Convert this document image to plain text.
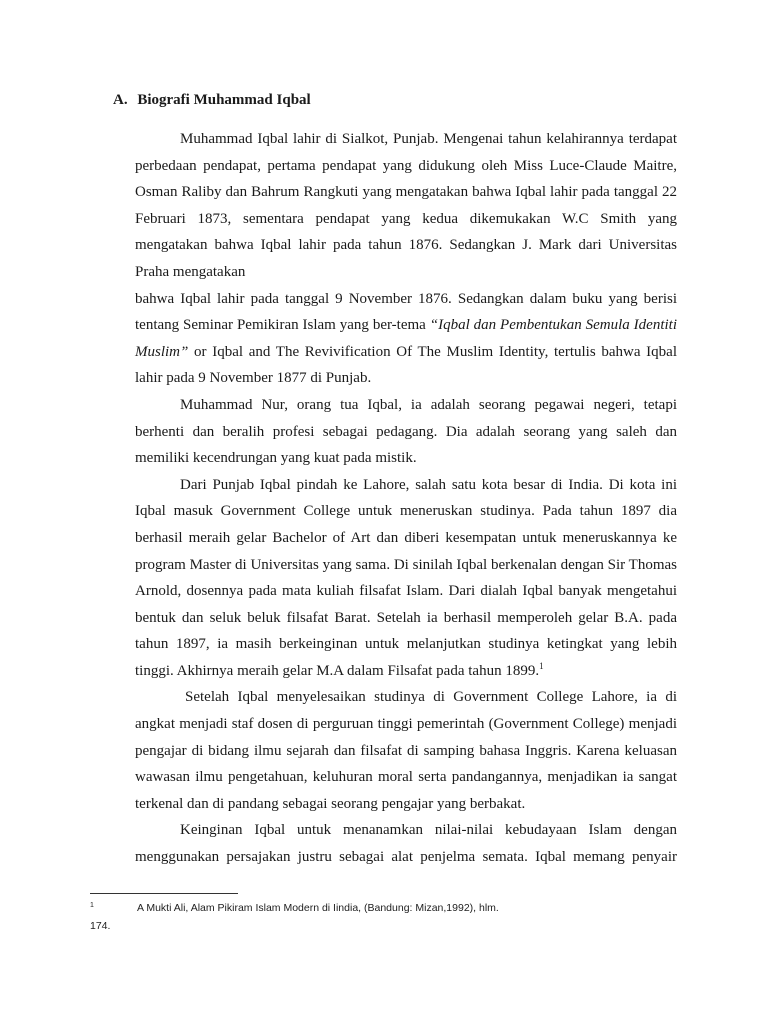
A. Biografi Muhammad Iqbal

Muhammad Iqbal lahir di Sialkot, Punjab. Mengenai tahun kelahirannya terdapat perbedaan pendapat, pertama pendapat yang didukung oleh Miss Luce-Claude Maitre, Osman Raliby dan Bahrum Rangkuti yang mengatakan bahwa Iqbal lahir pada tanggal 22 Februari 1873, sementara pendapat yang kedua dikemukakan W.C Smith yang mengatakan bahwa Iqbal lahir pada tahun 1876. Sedangkan J. Mark dari Universitas Praha mengatakan

bahwa Iqbal lahir pada tanggal 9 November 1876. Sedangkan dalam buku yang berisi tentang Seminar Pemikiran Islam yang ber-tema “Iqbal dan Pembentukan Semula Identiti Muslim” or Iqbal and The Revivification Of The Muslim Identity, tertulis bahwa Iqbal lahir pada 9 November 1877 di Punjab.

Muhammad Nur, orang tua Iqbal, ia adalah seorang pegawai negeri, tetapi berhenti dan beralih profesi sebagai pedagang. Dia adalah seorang yang saleh dan memiliki kecendrungan yang kuat pada mistik.

Dari Punjab Iqbal pindah ke Lahore, salah satu kota besar di India. Di kota ini Iqbal masuk Government College untuk meneruskan studinya. Pada tahun 1897 dia berhasil meraih gelar Bachelor of Art dan diberi kesempatan untuk meneruskannya ke program Master di Universitas yang sama. Di sinilah Iqbal berkenalan dengan Sir Thomas Arnold, dosennya pada mata kuliah filsafat Islam. Dari dialah Iqbal banyak mengetahui bentuk dan seluk beluk filsafat Barat. Setelah ia berhasil memperoleh gelar B.A. pada tahun 1897, ia masih berkeinginan untuk melanjutkan studinya ketingkat yang lebih tinggi. Akhirnya meraih gelar M.A dalam Filsafat pada tahun 1899.$^1$

Setelah Iqbal menyelesaikan studinya di Government College Lahore, ia di angkat menjadi staf dosen di perguruan tinggi pemerintah (Government College) menjadi pengajar di bidang ilmu sejarah dan filsafat di samping bahasa Inggris. Karena keluasan wawasan ilmu pengetahuan, keluhuran moral serta pandangannya, menjadikan ia sangat terkenal dan di pandang sebagai seorang pengajar yang berbakat.

Keinginan Iqbal untuk menanamkan nilai-nilai kebudayaan Islam dengan menggunakan persajakan justru sebagai alat penjelma semata. Iqbal memang penyair

$^1$	A Mukti Ali, Alam Pikiram Islam Modern di Iindia, (Bandung: Mizan,1992), hlm.
174.
